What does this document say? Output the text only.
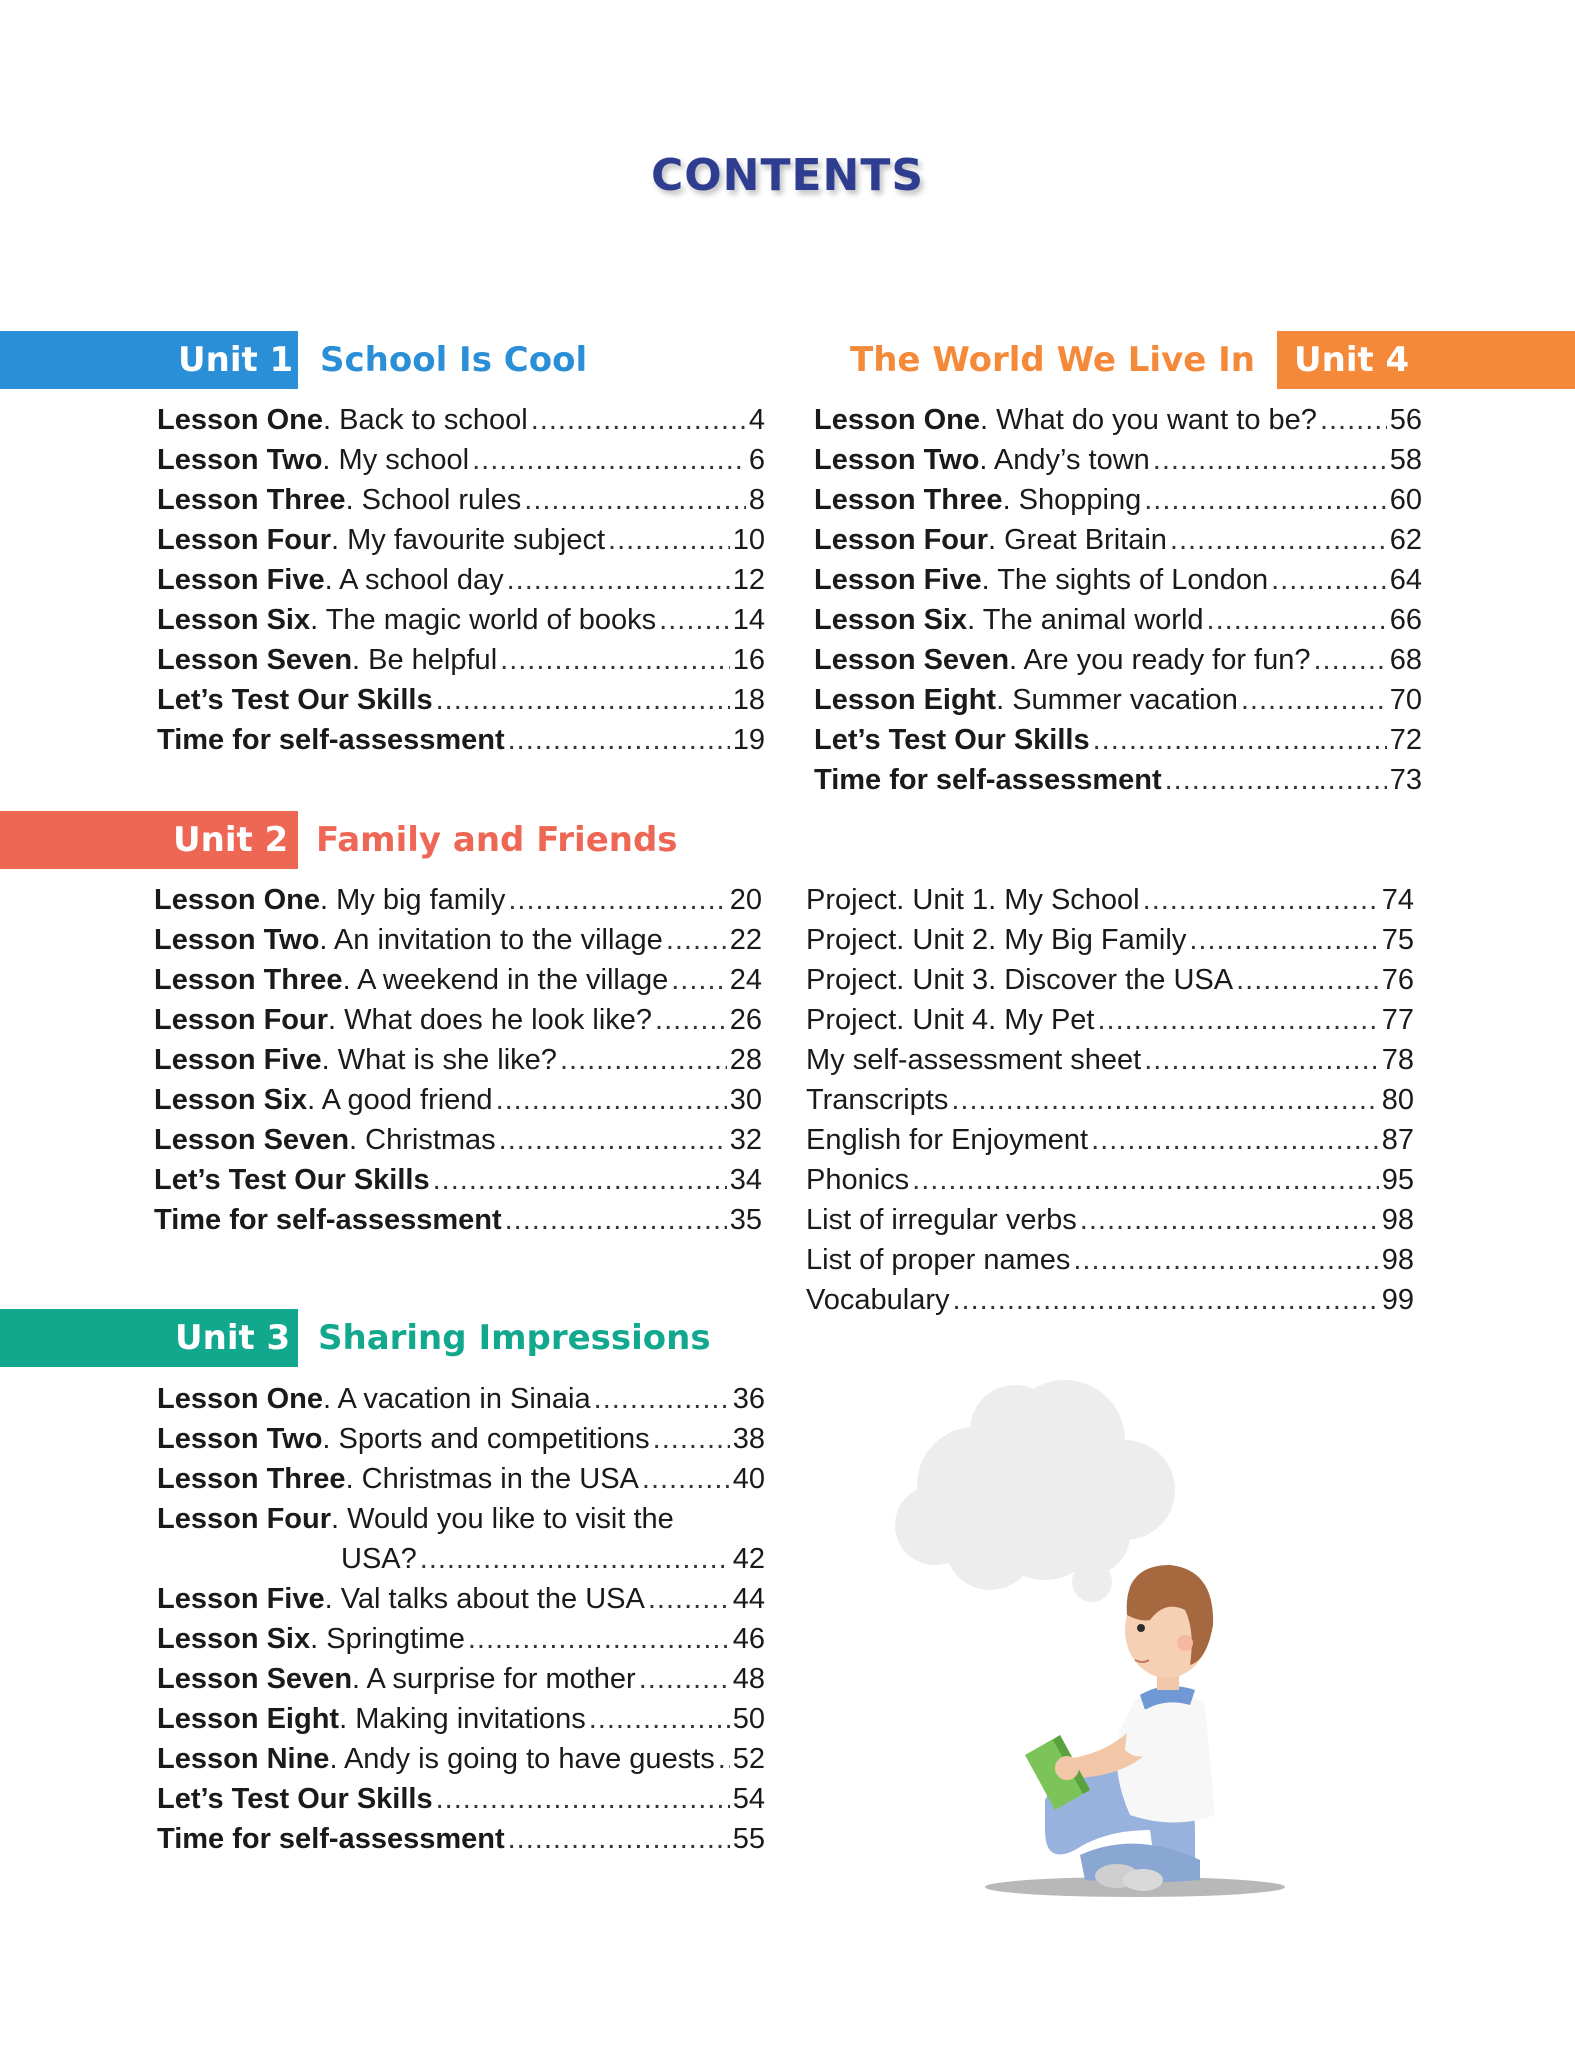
CONTENTS
Unit 1 School Is Cool
Lesson One. Back to school .....	4
Lesson Two. My school .....	6
Lesson Three. School rules .....	8
Lesson Four. My favourite subject .....	10
Lesson Five. A school day .....	12
Lesson Six. The magic world of books .....	14
Lesson Seven. Be helpful .....	16
Let’s Test Our Skills .....	18
Time for self-assessment .....	19
Unit 2 Family and Friends
Lesson One. My big family .....	20
Lesson Two. An invitation to the village ..... 22
Lesson Three. A weekend in the village ..... 24
Lesson Four. What does he look like? .....	26
Lesson Five. What is she like? .....	28
Lesson Six. A good friend .....	30
Lesson Seven. Christmas .....	32
Let’s Test Our Skills .....	34
Time for self-assessment .....	35
Unit 3 Sharing Impressions
Lesson One. A vacation in Sinaia .....	36
Lesson Two. Sports and competitions .....	38
Lesson Three. Christmas in the USA .....	40
Lesson Four. Would you like to visit the
USA? .....	42
Lesson Five. Val talks about the USA .....	44
Lesson Six. Springtime .....	46
Lesson Seven. A surprise for mother .....	48
Lesson Eight. Making invitations .....	50
Lesson Nine. Andy is going to have guests ..... 52
Let’s Test Our Skills .....	54
Time for self-assessment .....	55
The World We Live In	Unit 4
Lesson One. What do you want to be? .....	56
Lesson Two. Andy’s town .....	58
Lesson Three. Shopping .....	60
Lesson Four. Great Britain .....	62
Lesson Five. The sights of London .....	64
Lesson Six. The animal world .....	66
Lesson Seven. Are you ready for fun? .....	68
Lesson Eight. Summer vacation .....	70
Let’s Test Our Skills .....	72
Time for self-assessment .....	73
Project. Unit 1. My School .....	74
Project. Unit 2. My Big Family .....	75
Project. Unit 3. Discover the USA .....	76
Project. Unit 4. My Pet .....	77
My self-assessment sheet .....	78
Transcripts .....	80
English for Enjoyment .....	87
Phonics .....	95
List of irregular verbs .....	98
List of proper names .....	98
Vocabulary .....	99
